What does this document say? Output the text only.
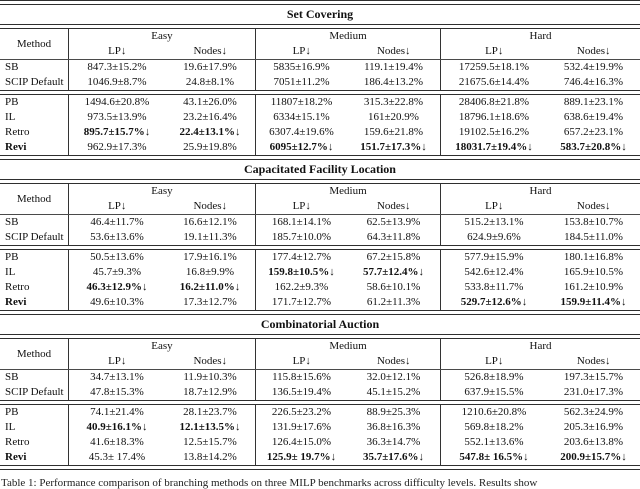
Set Covering
Method
Easy
LP↓	Nodes↓
Medium
LP↓	Nodes↓
Hard
LP↓	Nodes↓
SB	847.3±15.2%	19.6±17.9%	5835±16.9%	119.1±19.4%	17259.5±18.1%	532.4±19.9%
SCIP Default	1046.9±8.7%	24.8±8.1%	7051±11.2%	186.4±13.2%	21675.6±14.4%	746.4±16.3%
PB	1494.6±20.8%	43.1±26.0%	11807±18.2%	315.3±22.8%	28406.8±21.8%	889.1±23.1%
IL	973.5±13.9%	23.2±16.4%	6334±15.1%	161±20.9%	18796.1±18.6%	638.6±19.4%
Retro	895.7±15.7%↓	22.4±13.1%↓	6307.4±19.6%	159.6±21.8%	19102.5±16.2%	657.2±23.1%
Revi	962.9±17.3%	25.9±19.8%	6095±12.7%↓	151.7±17.3%↓	18031.7±19.4%↓	583.7±20.8%↓
Capacitated Facility Location
Method
Easy
LP↓	Nodes↓
Medium
LP↓	Nodes↓
Hard
LP↓	Nodes↓
SB	46.4±11.7%	16.6±12.1%	168.1±14.1%	62.5±13.9%	515.2±13.1%	153.8±10.7%
SCIP Default	53.6±13.6%	19.1±11.3%	185.7±10.0%	64.3±11.8%	624.9±9.6%	184.5±11.0%
PB	50.5±13.6%	17.9±16.1%	177.4±12.7%	67.2±15.8%	577.9±15.9%	180.1±16.8%
IL	45.7±9.3%	16.8±9.9%	159.8±10.5%↓	57.7±12.4%↓	542.6±12.4%	165.9±10.5%
Retro	46.3±12.9%↓	16.2±11.0%↓	162.2±9.3%	58.6±10.1%	533.8±11.7%	161.2±10.9%
Revi	49.6±10.3%	17.3±12.7%	171.7±12.7%	61.2±11.3%	529.7±12.6%↓	159.9±11.4%↓
Combinatorial Auction
Method
Easy
LP↓	Nodes↓
Medium
LP↓	Nodes↓
Hard
LP↓	Nodes↓
SB	34.7±13.1%	11.9±10.3%	115.8±15.6%	32.0±12.1%	526.8±18.9%	197.3±15.7%
SCIP Default	47.8±15.3%	18.7±12.9%	136.5±19.4%	45.1±15.2%	637.9±15.5%	231.0±17.3%
PB	74.1±21.4%	28.1±23.7%	226.5±23.2%	88.9±25.3%	1210.6±20.8%	562.3±24.9%
IL	40.9±16.1%↓	12.1±13.5%↓	131.9±17.6%	36.8±16.3%	569.8±18.2%	205.3±16.9%
Retro	41.6±18.3%	12.5±15.7%	126.4±15.0%	36.3±14.7%	552.1±13.6%	203.6±13.8%
Revi	45.3± 17.4%	13.8±14.2%	125.9± 19.7%↓	35.7±17.6%↓	547.8± 16.5%↓	200.9±15.7%↓
Table 1: Performance comparison of branching methods on three MILP benchmarks across difficulty levels. Results show
